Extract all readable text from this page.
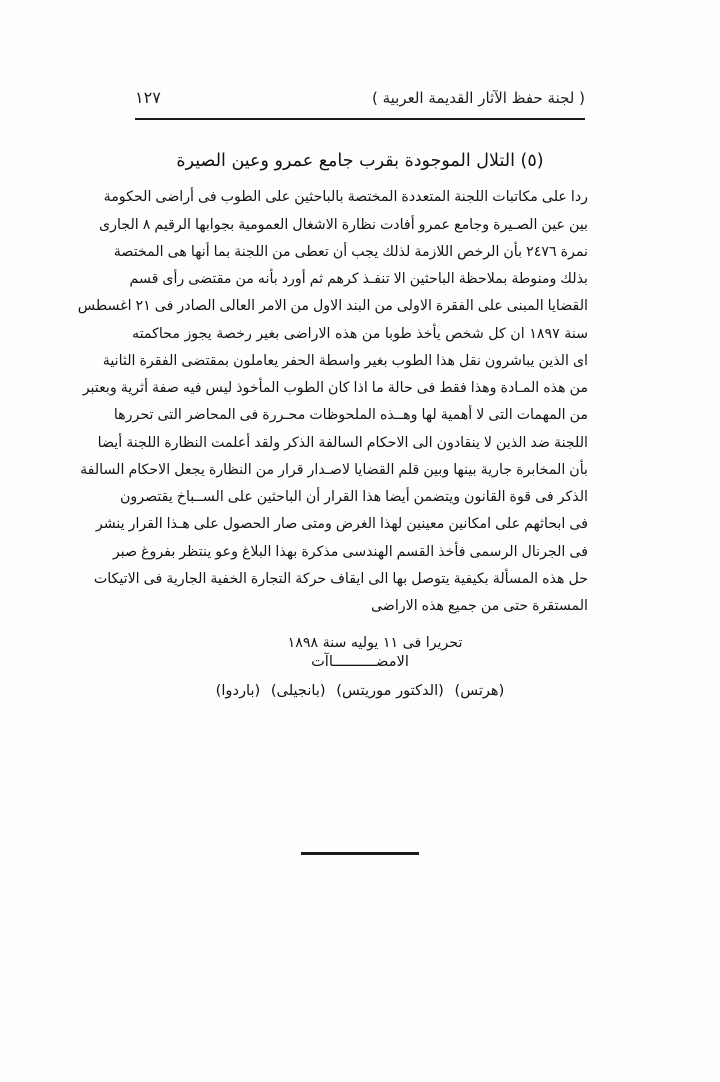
( لجنة حفظ الآثار القديمة العربية )
١٢٧
(٥) التلال الموجودة بقرب جامع عمرو وعين الصيرة
ردا على مكاتبات اللجنة المتعددة المختصة بالباحثين على الطوب فى أراضى الحكومة
بين عين الصـيرة وجامع عمرو أفادت نظارة الاشغال العمومية بجوابها الرقيم ٨ الجارى
نمرة ٢٤٧٦ بأن الرخص اللازمة لذلك يجب أن تعطى من اللجنة بما أنها هى المختصة
بذلك ومنوطة بملاحظة الباحثين الا تنفـذ كرهم ثم أورد بأنه من مقتضى رأى قسم
القضايا المبنى على الفقرة الاولى من البند الاول من الامر العالى الصادر فى ٢١ اغسطس
سنة ١٨٩٧ ان كل شخص يأخذ طوبا من هذه الاراضى بغير رخصة يجوز محاكمته
اى الذين يباشرون نقل هذا الطوب بغير واسطة الحفر يعاملون بمقتضى الفقرة الثانية
من هذه المـادة وهذا فقط فى حالة ما اذا كان الطوب المأخوذ ليس فيه صفة أثرية وبعتبر
من المهمات التى لا أهمية لها وهــذه الملحوظات محـررة فى المحاضر التى تحررها
اللجنة ضد الذين لا ينقادون الى الاحكام السالفة الذكر ولقد أعلمت النظارة اللجنة أيضا
بأن المخابرة جارية بينها وبين قلم القضايا لاصـدار قرار من النظارة يجعل الاحكام السالفة
الذكر فى قوة القانون ويتضمن أيضا هذا القرار أن الباحثين على الســباخ يقتصرون
فى ابحاثهم على امكانين معينين لهذا الغرض ومتى صار الحصول على هـذا القرار ينشر
فى الجرنال الرسمى فأخذ القسم الهندسى مذكرة بهذا البلاغ وعو ينتظر بفروغ صبر
حل هذه المسألة بكيفية يتوصل بها الى ايقاف حركة التجارة الخفية الجارية فى الاتيكات
المستقرة حتى من جميع هذه الاراضى
تحريرا فى ١١ يوليه سنة ١٨٩٨
الامضــــــــــاآت
(هرتس) (الدكتور موريتس) (بانجيلى) (باردوا)
